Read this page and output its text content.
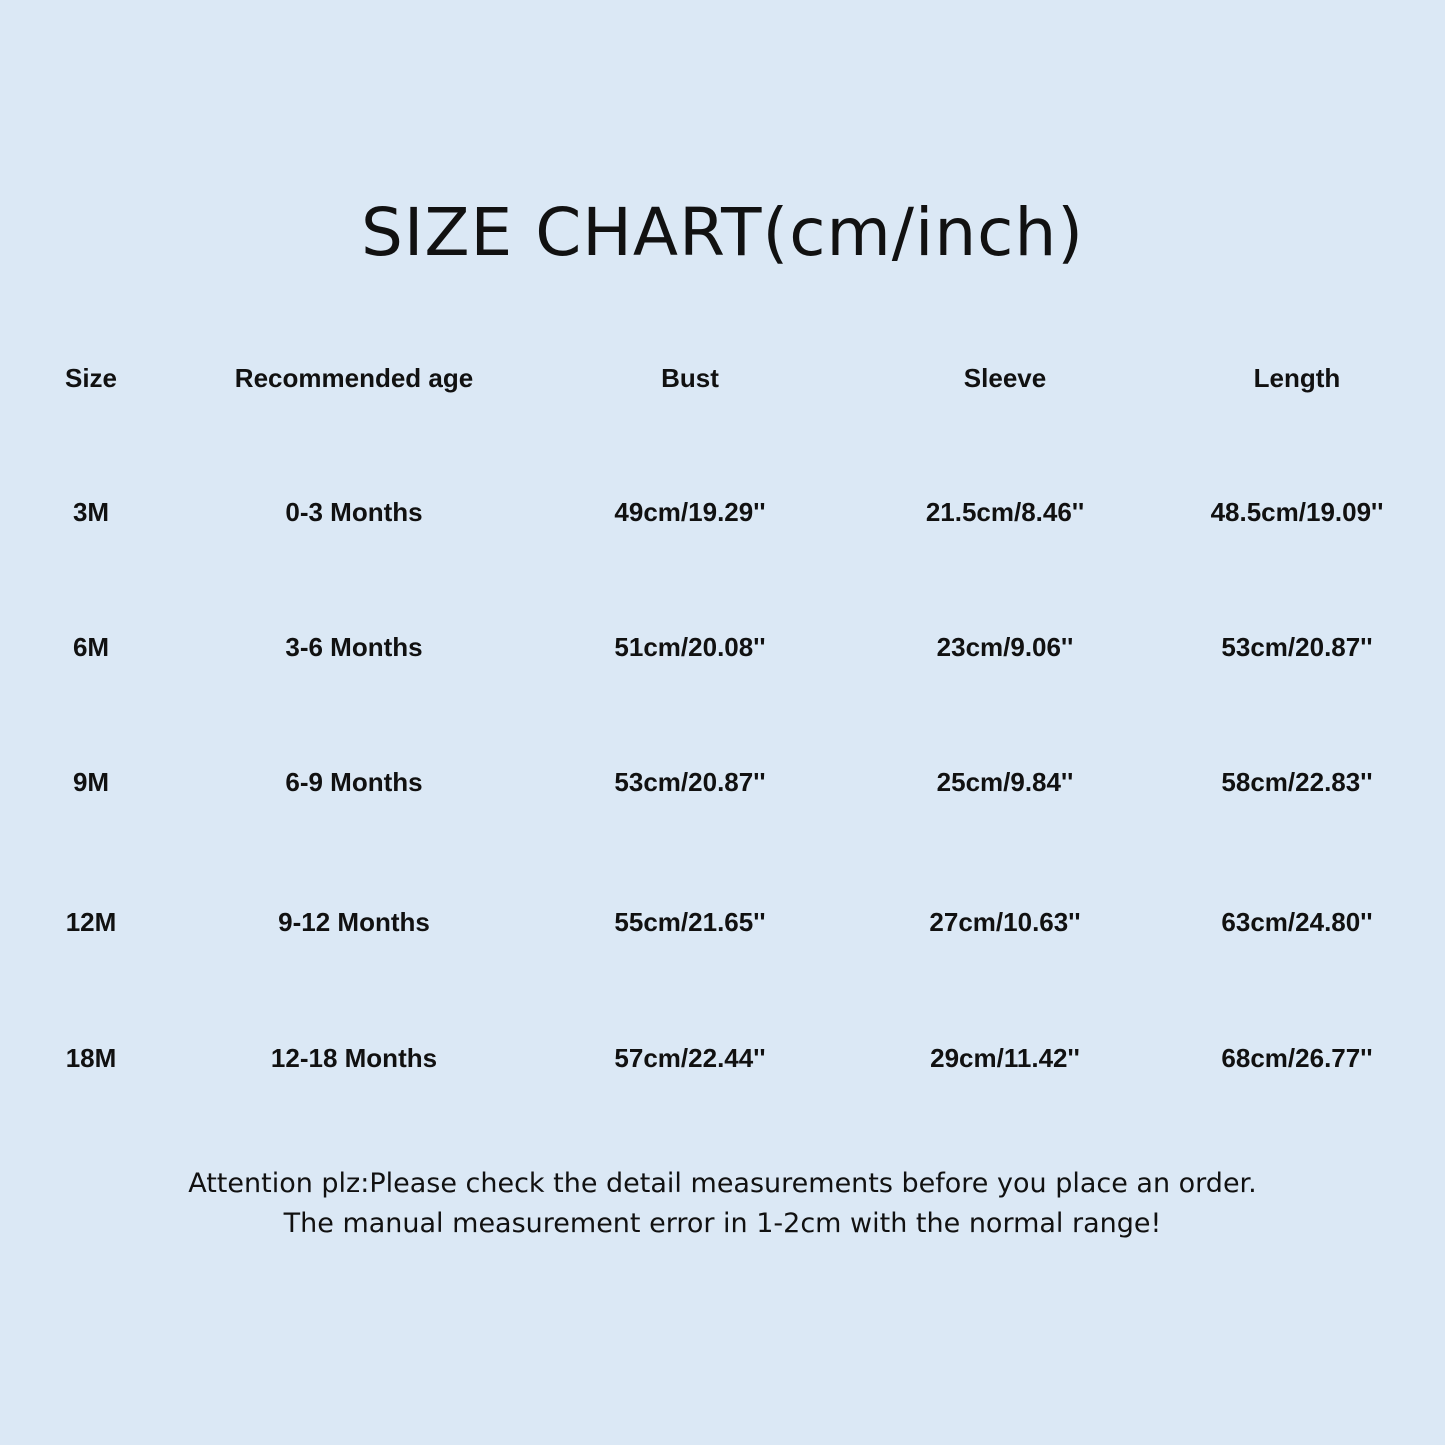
SIZE CHART(cm/inch)
Size	Recommended age	Bust	Sleeve	Length
3M	0-3 Months	49cm/19.29''	21.5cm/8.46''	48.5cm/19.09''
6M	3-6 Months	51cm/20.08''	23cm/9.06''	53cm/20.87''
9M	6-9 Months	53cm/20.87''	25cm/9.84''	58cm/22.83''
12M	9-12 Months	55cm/21.65''	27cm/10.63''	63cm/24.80''
18M	12-18 Months	57cm/22.44''	29cm/11.42''	68cm/26.77''
Attention plz:Please check the detail measurements before you place an order.
The manual measurement error in 1-2cm with the normal range!
